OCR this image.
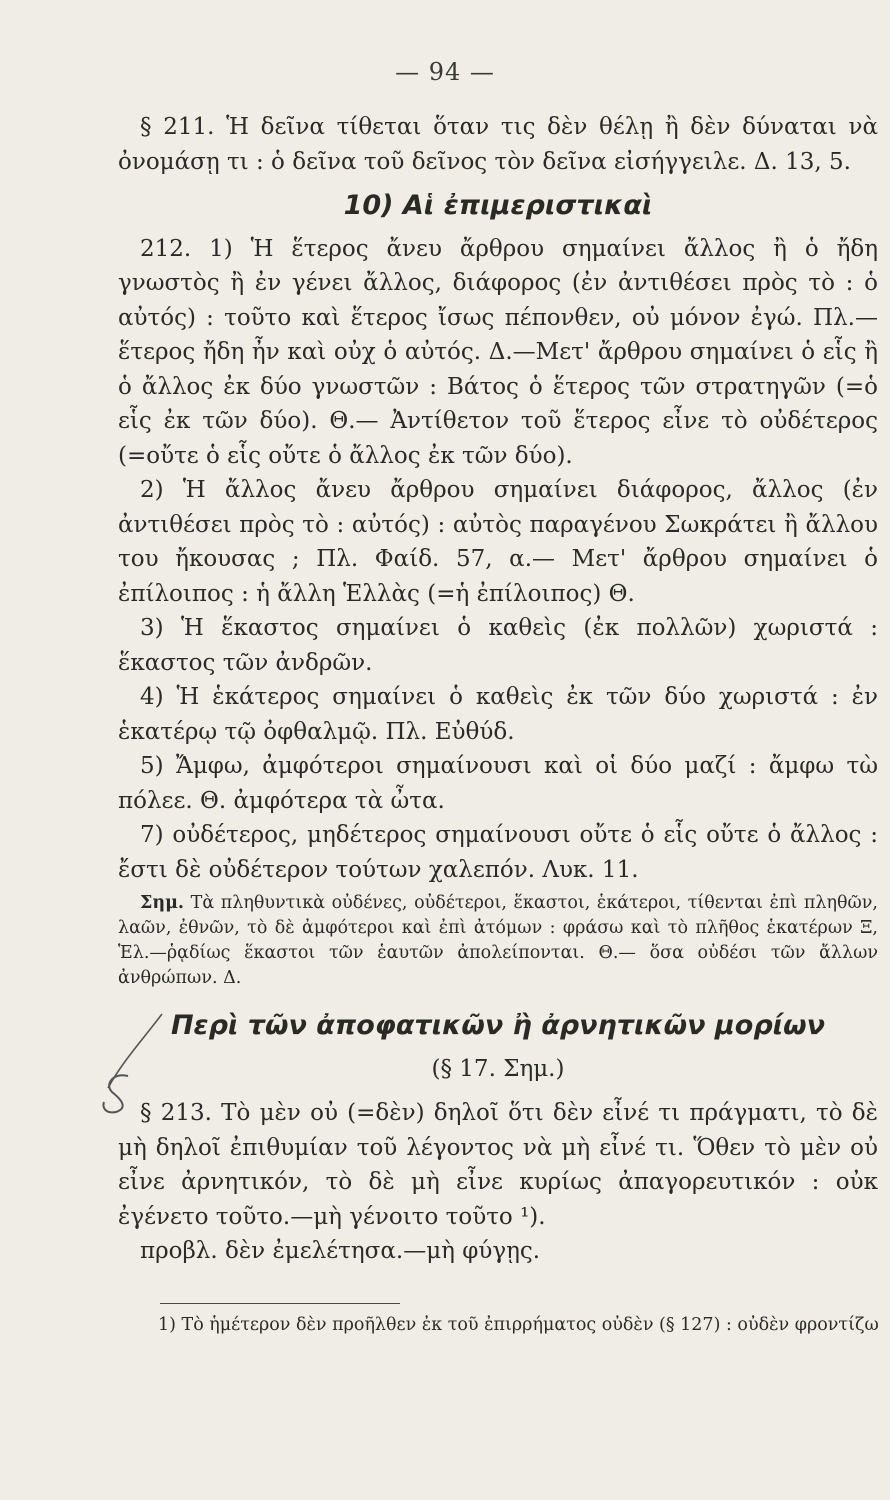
— 94 —

§ 211. Ἡ δεῖνα τίθεται ὅταν τις δὲν θέλῃ ἢ δὲν δύναται νὰ ὀνομάσῃ τι : ὁ δεῖνα τοῦ δεῖνος τὸν δεῖνα εἰσήγγειλε. Δ. 13, 5.

10) Αἱ ἐπιμεριστικαὶ

212. 1) Ἡ ἕτερος ἄνευ ἄρθρου σημαίνει ἄλλος ἢ ὁ ἤδη γνωστὸς ἢ ἐν γένει ἄλλος, διάφορος (ἐν ἀντιθέσει πρὸς τὸ : ὁ αὐτός) : τοῦτο καὶ ἕτερος ἴσως πέπονθεν, οὐ μόνον ἐγώ. Πλ.— ἕτερος ἤδη ἦν καὶ οὐχ ὁ αὐτός. Δ.—Μετ' ἄρθρου σημαίνει ὁ εἷς ἢ ὁ ἄλλος ἐκ δύο γνωστῶν : Βάτος ὁ ἕτερος τῶν στρατηγῶν (=ὁ εἷς ἐκ τῶν δύο). Θ.— Ἀντίθετον τοῦ ἕτερος εἶνε τὸ οὐδέτερος (=οὔτε ὁ εἷς οὔτε ὁ ἄλλος ἐκ τῶν δύο).

2) Ἡ ἄλλος ἄνευ ἄρθρου σημαίνει διάφορος, ἄλλος (ἐν ἀντιθέσει πρὸς τὸ : αὐτός) : αὐτὸς παραγένου Σωκράτει ἢ ἄλλου του ἤκουσας ; Πλ. Φαίδ. 57, α.— Μετ' ἄρθρου σημαίνει ὁ ἐπίλοιπος : ἡ ἄλλη Ἑλλὰς (=ἡ ἐπίλοιπος) Θ.

3) Ἡ ἕκαστος σημαίνει ὁ καθεὶς (ἐκ πολλῶν) χωριστά : ἕκαστος τῶν ἀνδρῶν.

4) Ἡ ἑκάτερος σημαίνει ὁ καθεὶς ἐκ τῶν δύο χωριστά : ἐν ἑκατέρῳ τῷ ὀφθαλμῷ. Πλ. Εὐθύδ.

5) Ἄμφω, ἀμφότεροι σημαίνουσι καὶ οἱ δύο μαζί : ἄμφω τὼ πόλεε. Θ. ἀμφότερα τὰ ὦτα.

7) οὐδέτερος, μηδέτερος σημαίνουσι οὔτε ὁ εἷς οὔτε ὁ ἄλλος : ἔστι δὲ οὐδέτερον τούτων χαλεπόν. Λυκ. 11.

Σημ. Τὰ πληθυντικὰ οὐδένες, οὐδέτεροι, ἕκαστοι, ἑκάτεροι, τίθενται ἐπὶ πληθῶν, λαῶν, ἐθνῶν, τὸ δὲ ἀμφότεροι καὶ ἐπὶ ἀτόμων : φράσω καὶ τὸ πλῆθος ἑκατέρων Ξ, Ἑλ.—ῥᾳδίως ἕκαστοι τῶν ἑαυτῶν ἀπολείπονται. Θ.— ὅσα οὐδέσι τῶν ἄλλων ἀνθρώπων. Δ.

Περὶ τῶν ἀποφατικῶν ἢ ἀρνητικῶν μορίων
(§ 17. Σημ.)

§ 213. Τὸ μὲν οὐ (=δὲν) δηλοῖ ὅτι δὲν εἶνέ τι πράγματι, τὸ δὲ μὴ δηλοῖ ἐπιθυμίαν τοῦ λέγοντος νὰ μὴ εἶνέ τι. Ὅθεν τὸ μὲν οὐ εἶνε ἀρνητικόν, τὸ δὲ μὴ εἶνε κυρίως ἀπαγορευτικόν : οὐκ ἐγένετο τοῦτο.—μὴ γένοιτο τοῦτο ¹).

προβλ. δὲν ἐμελέτησα.—μὴ φύγῃς.

1) Τὸ ἡμέτερον δὲν προῆλθεν ἐκ τοῦ ἐπιρρήματος οὐδὲν (§ 127) : οὐδὲν φροντίζω
